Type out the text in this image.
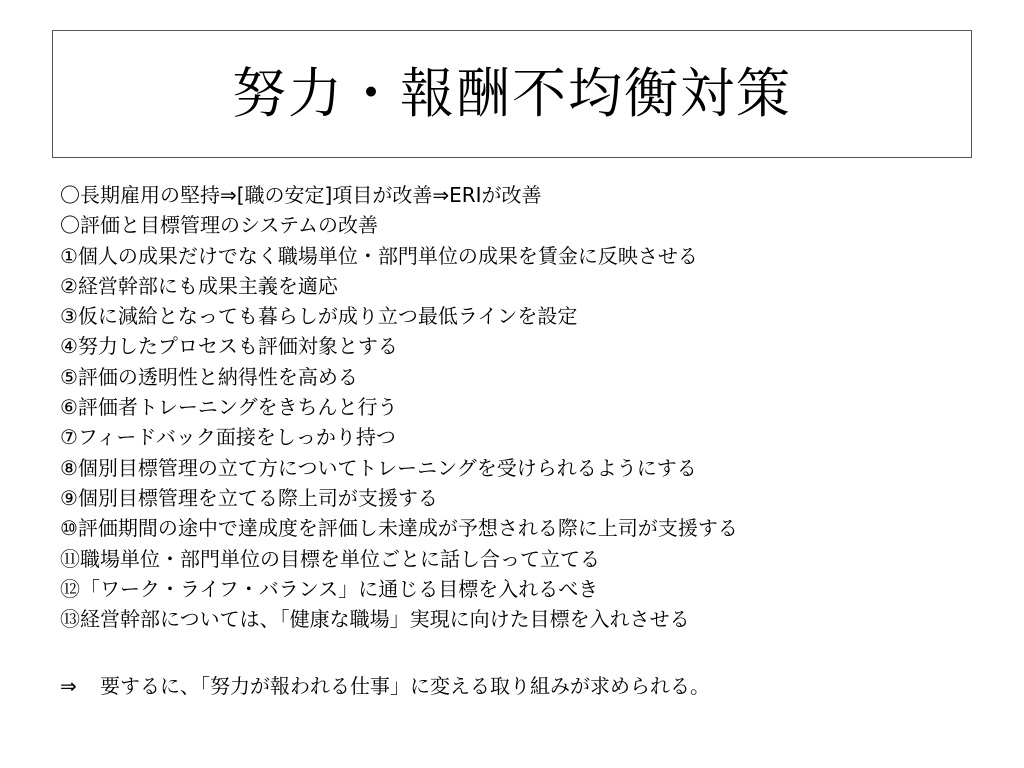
努力・報酬不均衡対策
〇長期雇用の堅持⇒[職の安定]項目が改善⇒ERIが改善
〇評価と目標管理のシステムの改善
①個人の成果だけでなく職場単位・部門単位の成果を賃金に反映させる
②経営幹部にも成果主義を適応
③仮に減給となっても暮らしが成り立つ最低ラインを設定
④努力したプロセスも評価対象とする
⑤評価の透明性と納得性を高める
⑥評価者トレーニングをきちんと行う
⑦フィードバック面接をしっかり持つ
⑧個別目標管理の立て方についてトレーニングを受けられるようにする
⑨個別目標管理を立てる際上司が支援する
⑩評価期間の途中で達成度を評価し未達成が予想される際に上司が支援する
⑪職場単位・部門単位の目標を単位ごとに話し合って立てる
⑫「ワーク・ライフ・バランス」に通じる目標を入れるべき
⑬経営幹部については、「健康な職場」実現に向けた目標を入れさせる
⇒ 要するに、「努力が報われる仕事」に変える取り組みが求められる。
